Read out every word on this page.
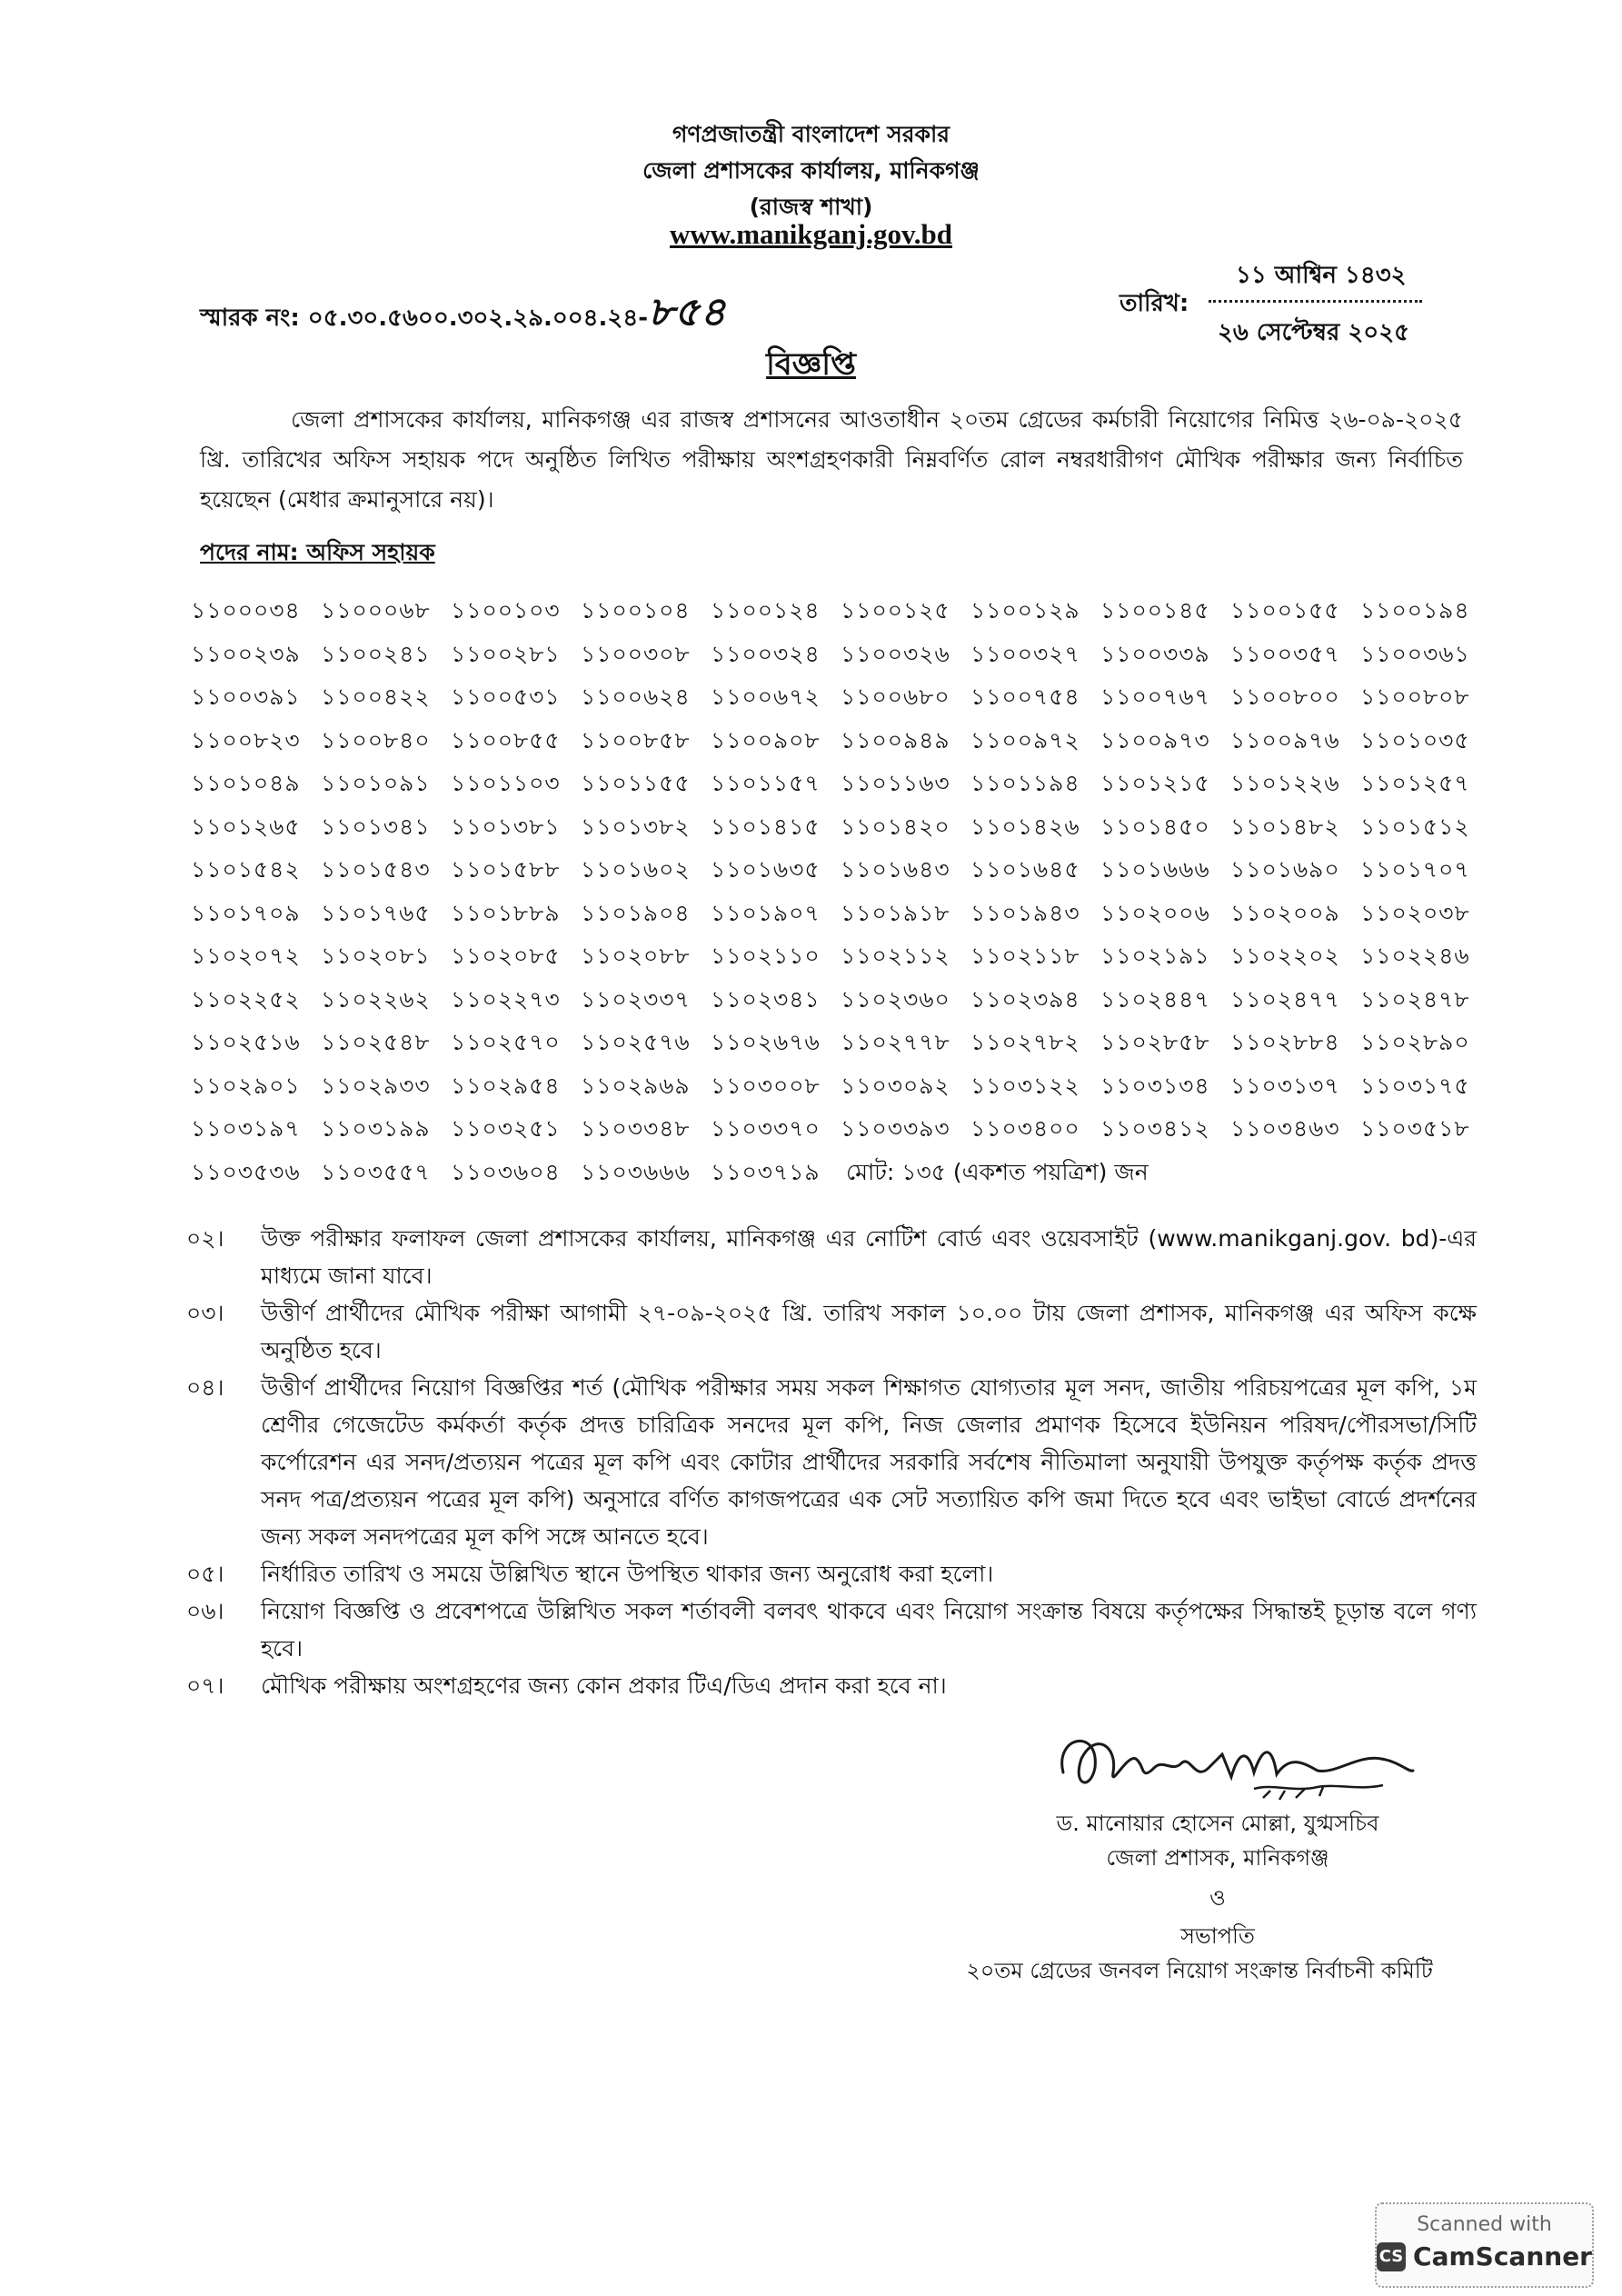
গণপ্রজাতন্ত্রী বাংলাদেশ সরকার
জেলা প্রশাসকের কার্যালয়, মানিকগঞ্জ
(রাজস্ব শাখা)
www.manikganj.gov.bd
স্মারক নং: ০৫.৩০.৫৬০০.৩০২.২৯.০০৪.২৪-৮৫৪
১১ আশ্বিন ১৪৩২
তারিখ:
২৬ সেপ্টেম্বর ২০২৫
বিজ্ঞপ্তি
জেলা প্রশাসকের কার্যালয়, মানিকগঞ্জ এর রাজস্ব প্রশাসনের আওতাধীন ২০তম গ্রেডের কর্মচারী নিয়োগের নিমিত্ত ২৬-০৯-২০২৫ খ্রি. তারিখের অফিস সহায়ক পদে অনুষ্ঠিত লিখিত পরীক্ষায় অংশগ্রহণকারী নিম্নবর্ণিত রোল নম্বরধারীগণ মৌখিক পরীক্ষার জন্য নির্বাচিত হয়েছেন (মেধার ক্রমানুসারে নয়)।
পদের নাম: অফিস সহায়ক
১১০০০৩৪ ১১০০০৬৮ ১১০০১০৩ ১১০০১০৪ ১১০০১২৪ ১১০০১২৫ ১১০০১২৯ ১১০০১৪৫ ১১০০১৫৫ ১১০০১৯৪
১১০০২৩৯ ১১০০২৪১ ১১০০২৮১ ১১০০৩০৮ ১১০০৩২৪ ১১০০৩২৬ ১১০০৩২৭ ১১০০৩৩৯ ১১০০৩৫৭ ১১০০৩৬১
১১০০৩৯১ ১১০০৪২২ ১১০০৫৩১ ১১০০৬২৪ ১১০০৬৭২ ১১০০৬৮০ ১১০০৭৫৪ ১১০০৭৬৭ ১১০০৮০০ ১১০০৮০৮
১১০০৮২৩ ১১০০৮৪০ ১১০০৮৫৫ ১১০০৮৫৮ ১১০০৯০৮ ১১০০৯৪৯ ১১০০৯৭২ ১১০০৯৭৩ ১১০০৯৭৬ ১১০১০৩৫
১১০১০৪৯ ১১০১০৯১ ১১০১১০৩ ১১০১১৫৫ ১১০১১৫৭ ১১০১১৬৩ ১১০১১৯৪ ১১০১২১৫ ১১০১২২৬ ১১০১২৫৭
১১০১২৬৫ ১১০১৩৪১ ১১০১৩৮১ ১১০১৩৮২ ১১০১৪১৫ ১১০১৪২০ ১১০১৪২৬ ১১০১৪৫০ ১১০১৪৮২ ১১০১৫১২
১১০১৫৪২ ১১০১৫৪৩ ১১০১৫৮৮ ১১০১৬০২ ১১০১৬৩৫ ১১০১৬৪৩ ১১০১৬৪৫ ১১০১৬৬৬ ১১০১৬৯০ ১১০১৭০৭
১১০১৭০৯ ১১০১৭৬৫ ১১০১৮৮৯ ১১০১৯০৪ ১১০১৯০৭ ১১০১৯১৮ ১১০১৯৪৩ ১১০২০০৬ ১১০২০০৯ ১১০২০৩৮
১১০২০৭২ ১১০২০৮১ ১১০২০৮৫ ১১০২০৮৮ ১১০২১১০ ১১০২১১২ ১১০২১১৮ ১১০২১৯১ ১১০২২০২ ১১০২২৪৬
১১০২২৫২ ১১০২২৬২ ১১০২২৭৩ ১১০২৩৩৭ ১১০২৩৪১ ১১০২৩৬০ ১১০২৩৯৪ ১১০২৪৪৭ ১১০২৪৭৭ ১১০২৪৭৮
১১০২৫১৬ ১১০২৫৪৮ ১১০২৫৭০ ১১০২৫৭৬ ১১০২৬৭৬ ১১০২৭৭৮ ১১০২৭৮২ ১১০২৮৫৮ ১১০২৮৮৪ ১১০২৮৯০
১১০২৯০১ ১১০২৯৩৩ ১১০২৯৫৪ ১১০২৯৬৯ ১১০৩০০৮ ১১০৩০৯২ ১১০৩১২২ ১১০৩১৩৪ ১১০৩১৩৭ ১১০৩১৭৫
১১০৩১৯৭ ১১০৩১৯৯ ১১০৩২৫১ ১১০৩৩৪৮ ১১০৩৩৭০ ১১০৩৩৯৩ ১১০৩৪০০ ১১০৩৪১২ ১১০৩৪৬৩ ১১০৩৫১৮
১১০৩৫৩৬ ১১০৩৫৫৭ ১১০৩৬০৪ ১১০৩৬৬৬ ১১০৩৭১৯	মোট: ১৩৫ (একশত পয়ত্রিশ) জন
০২।	উক্ত পরীক্ষার ফলাফল জেলা প্রশাসকের কার্যালয়, মানিকগঞ্জ এর নোটিশ বোর্ড এবং ওয়েবসাইট (www.manikganj.gov. bd)-এর মাধ্যমে জানা যাবে।
০৩।	উত্তীর্ণ প্রার্থীদের মৌখিক পরীক্ষা আগামী ২৭-০৯-২০২৫ খ্রি. তারিখ সকাল ১০.০০ টায় জেলা প্রশাসক, মানিকগঞ্জ এর অফিস কক্ষে অনুষ্ঠিত হবে।
০৪।	উত্তীর্ণ প্রার্থীদের নিয়োগ বিজ্ঞপ্তির শর্ত (মৌখিক পরীক্ষার সময় সকল শিক্ষাগত যোগ্যতার মূল সনদ, জাতীয় পরিচয়পত্রের মূল কপি, ১ম শ্রেণীর গেজেটেড কর্মকর্তা কর্তৃক প্রদত্ত চারিত্রিক সনদের মূল কপি, নিজ জেলার প্রমাণক হিসেবে ইউনিয়ন পরিষদ/পৌরসভা/সিটি কর্পোরেশন এর সনদ/প্রত্যয়ন পত্রের মূল কপি এবং কোটার প্রার্থীদের সরকারি সর্বশেষ নীতিমালা অনুযায়ী উপযুক্ত কর্তৃপক্ষ কর্তৃক প্রদত্ত সনদ পত্র/প্রত্যয়ন পত্রের মূল কপি) অনুসারে বর্ণিত কাগজপত্রের এক সেট সত্যায়িত কপি জমা দিতে হবে এবং ভাইভা বোর্ডে প্রদর্শনের জন্য সকল সনদপত্রের মূল কপি সঙ্গে আনতে হবে।
০৫।	নির্ধারিত তারিখ ও সময়ে উল্লিখিত স্থানে উপস্থিত থাকার জন্য অনুরোধ করা হলো।
০৬।	নিয়োগ বিজ্ঞপ্তি ও প্রবেশপত্রে উল্লিখিত সকল শর্তাবলী বলবৎ থাকবে এবং নিয়োগ সংক্রান্ত বিষয়ে কর্তৃপক্ষের সিদ্ধান্তই চূড়ান্ত বলে গণ্য হবে।
০৭।	মৌখিক পরীক্ষায় অংশগ্রহণের জন্য কোন প্রকার টিএ/ডিএ প্রদান করা হবে না।
ড. মানোয়ার হোসেন মোল্লা, যুগ্মসচিব
জেলা প্রশাসক, মানিকগঞ্জ
ও
সভাপতি
২০তম গ্রেডের জনবল নিয়োগ সংক্রান্ত নির্বাচনী কমিটি
Scanned with
CS CamScanner
